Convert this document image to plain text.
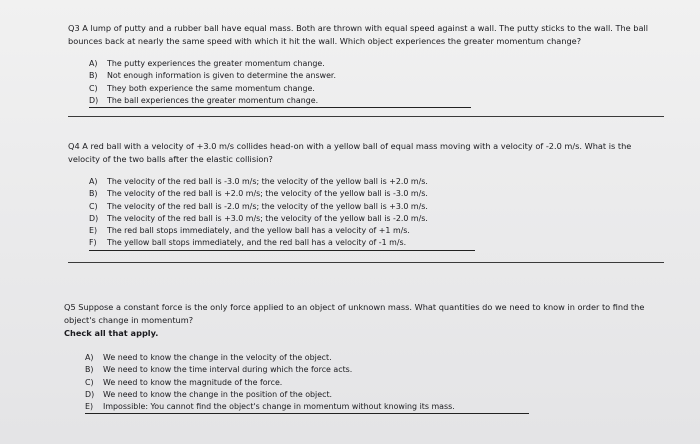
Q3 A lump of putty and a rubber ball have equal mass. Both are thrown with equal speed against a wall. The putty sticks to the wall. The ball bounces back at nearly the same speed with which it hit the wall. Which object experiences the greater momentum change?

A)	The putty experiences the greater momentum change.
B)	Not enough information is given to determine the answer.
C)	They both experience the same momentum change.
D)	The ball experiences the greater momentum change.

Q4 A red ball with a velocity of +3.0 m/s collides head-on with a yellow ball of equal mass moving with a velocity of -2.0 m/s. What is the velocity of the two balls after the elastic collision?

A)	The velocity of the red ball is -3.0 m/s; the velocity of the yellow ball is +2.0 m/s.
B)	The velocity of the red ball is +2.0 m/s; the velocity of the yellow ball is -3.0 m/s.
C)	The velocity of the red ball is -2.0 m/s; the velocity of the yellow ball is +3.0 m/s.
D)	The velocity of the red ball is +3.0 m/s; the velocity of the yellow ball is -2.0 m/s.
E)	The red ball stops immediately, and the yellow ball has a velocity of +1 m/s.
F)	The yellow ball stops immediately, and the red ball has a velocity of -1 m/s.

Q5 Suppose a constant force is the only force applied to an object of unknown mass. What quantities do we need to know in order to find the object's change in momentum?

Check all that apply.

A)	We need to know the change in the velocity of the object.
B)	We need to know the time interval during which the force acts.
C)	We need to know the magnitude of the force.
D)	We need to know the change in the position of the object.
E)	Impossible: You cannot find the object's change in momentum without knowing its mass.
